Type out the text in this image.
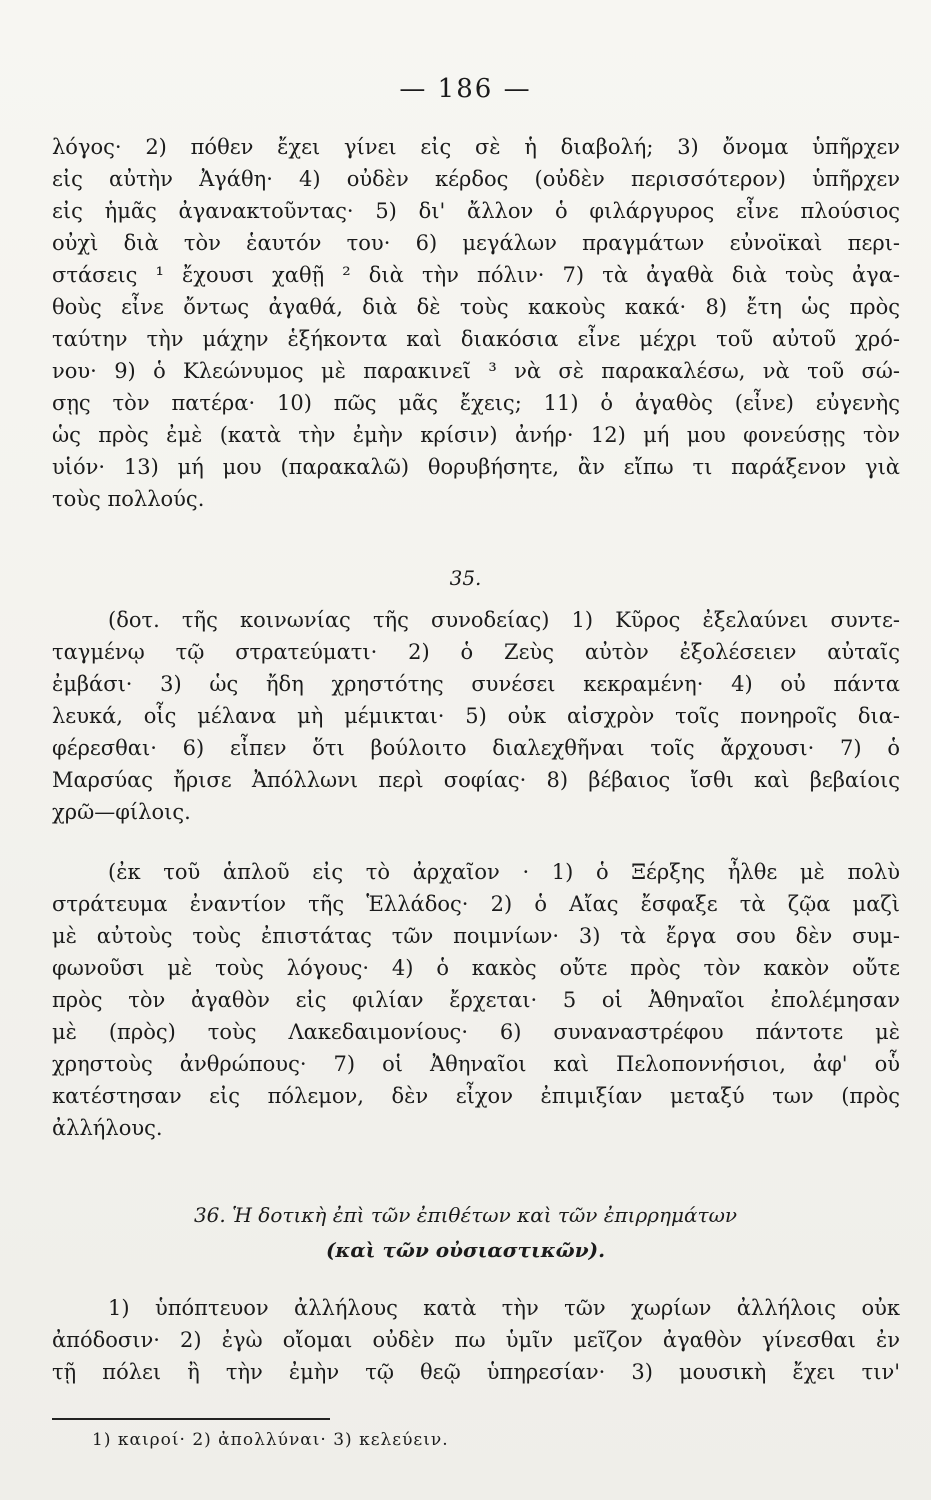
— 186 —
λόγος· 2) πόθεν ἔχει γίνει εἰς σὲ ἡ διαβολή; 3) ὄνομα ὑπῆρχεν
εἰς αὐτὴν Ἀγάθη· 4) οὐδὲν κέρδος (οὐδὲν περισσότερον) ὑπῆρχεν
εἰς ἡμᾶς ἀγανακτοῦντας· 5) δι' ἄλλον ὁ φιλάργυρος εἶνε πλούσιος
οὐχὶ διὰ τὸν ἑαυτόν του· 6) μεγάλων πραγμάτων εὐνοϊκαὶ περι-
στάσεις ¹ ἔχουσι χαθῇ ² διὰ τὴν πόλιν· 7) τὰ ἀγαθὰ διὰ τοὺς ἀγα-
θοὺς εἶνε ὄντως ἀγαθά, διὰ δὲ τοὺς κακοὺς κακά· 8) ἔτη ὡς πρὸς
ταύτην τὴν μάχην ἑξήκοντα καὶ διακόσια εἶνε μέχρι τοῦ αὐτοῦ χρό-
νου· 9) ὁ Κλεώνυμος μὲ παρακινεῖ ³ νὰ σὲ παρακαλέσω, νὰ τοῦ σώ-
σῃς τὸν πατέρα· 10) πῶς μᾶς ἔχεις; 11) ὁ ἀγαθὸς (εἶνε) εὐγενὴς
ὡς πρὸς ἐμὲ (κατὰ τὴν ἐμὴν κρίσιν) ἀνήρ· 12) μή μου φονεύσῃς τὸν
υἱόν· 13) μή μου (παρακαλῶ) θορυβήσητε, ἂν εἴπω τι παράξενον γιὰ
τοὺς πολλούς.
35.
(δοτ. τῆς κοινωνίας τῆς συνοδείας) 1) Κῦρος ἐξελαύνει συντε-
ταγμένῳ τῷ στρατεύματι· 2) ὁ Ζεὺς αὐτὸν ἐξολέσειεν αὐταῖς
ἐμβάσι· 3) ὡς ἤδη χρηστότης συνέσει κεκραμένη· 4) οὐ πάντα
λευκά, οἷς μέλανα μὴ μέμικται· 5) οὐκ αἰσχρὸν τοῖς πονηροῖς δια-
φέρεσθαι· 6) εἶπεν ὅτι βούλοιτο διαλεχθῆναι τοῖς ἄρχουσι· 7) ὁ
Μαρσύας ἤρισε Ἀπόλλωνι περὶ σοφίας· 8) βέβαιος ἴσθι καὶ βεβαίοις
χρῶ—φίλοις.
(ἐκ τοῦ ἁπλοῦ εἰς τὸ ἀρχαῖον · 1) ὁ Ξέρξης ἦλθε μὲ πολὺ
στράτευμα ἐναντίον τῆς Ἑλλάδος· 2) ὁ Αἴας ἔσφαξε τὰ ζῷα μαζὶ
μὲ αὐτοὺς τοὺς ἐπιστάτας τῶν ποιμνίων· 3) τὰ ἔργα σου δὲν συμ-
φωνοῦσι μὲ τοὺς λόγους· 4) ὁ κακὸς οὔτε πρὸς τὸν κακὸν οὔτε
πρὸς τὸν ἀγαθὸν εἰς φιλίαν ἔρχεται· 5 οἱ Ἀθηναῖοι ἐπολέμησαν
μὲ (πρὸς) τοὺς Λακεδαιμονίους· 6) συναναστρέφου πάντοτε μὲ
χρηστοὺς ἀνθρώπους· 7) οἱ Ἀθηναῖοι καὶ Πελοποννήσιοι, ἀφ' οὗ
κατέστησαν εἰς πόλεμον, δὲν εἶχον ἐπιμιξίαν μεταξύ των (πρὸς
ἀλλήλους.
36. Ἡ δοτικὴ ἐπὶ τῶν ἐπιθέτων καὶ τῶν ἐπιρρημάτων
(καὶ τῶν οὐσιαστικῶν).
1) ὑπόπτευον ἀλλήλους κατὰ τὴν τῶν χωρίων ἀλλήλοις οὐκ
ἀπόδοσιν· 2) ἐγὼ οἴομαι οὐδὲν πω ὑμῖν μεῖζον ἀγαθὸν γίνεσθαι ἐν
τῇ πόλει ἢ τὴν ἐμὴν τῷ θεῷ ὑπηρεσίαν· 3) μουσικὴ ἔχει τιν'
1) καιροί· 2) ἀπολλύναι· 3) κελεύειν.
